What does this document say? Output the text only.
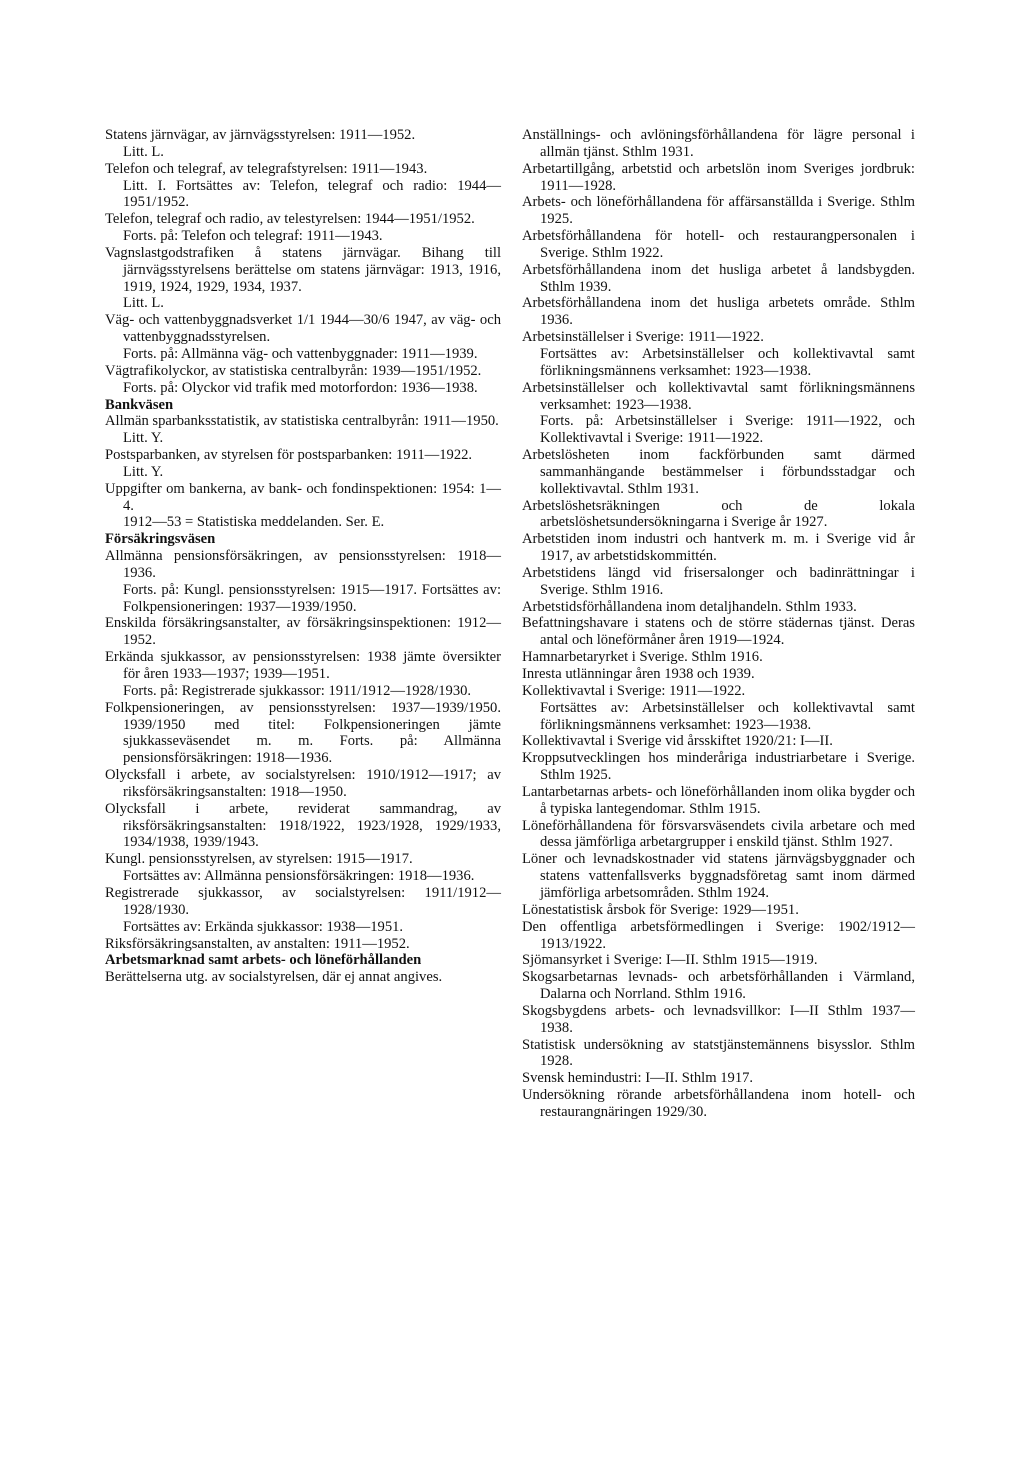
Statens järnvägar, av järnvägsstyrelsen: 1911—1952.

Litt. L.

Telefon och telegraf, av telegrafstyrelsen: 1911—1943.

Litt. I. Fortsättes av: Telefon, telegraf och radio: 1944—1951/1952.

Telefon, telegraf och radio, av telestyrelsen: 1944—1951/1952.

Forts. på: Telefon och telegraf: 1911—1943.

Vagnslastgodstrafiken å statens järnvägar. Bihang till järnvägsstyrelsens berättelse om statens järnvägar: 1913, 1916, 1919, 1924, 1929, 1934, 1937.

Litt. L.

Väg- och vattenbyggnadsverket 1/1 1944—30/6 1947, av väg- och vattenbyggnadsstyrelsen.

Forts. på: Allmänna väg- och vattenbyggnader: 1911—1939.

Vägtrafikolyckor, av statistiska centralbyrån: 1939—1951/1952.

Forts. på: Olyckor vid trafik med motorfordon: 1936—1938.

Bankväsen

Allmän sparbanksstatistik, av statistiska centralbyrån: 1911—1950.

Litt. Y.

Postsparbanken, av styrelsen för postsparbanken: 1911—1922.

Litt. Y.

Uppgifter om bankerna, av bank- och fondinspektionen: 1954: 1—4.

1912—53 = Statistiska meddelanden. Ser. E.

Försäkringsväsen

Allmänna pensionsförsäkringen, av pensionsstyrelsen: 1918—1936.

Forts. på: Kungl. pensionsstyrelsen: 1915—1917. Fortsättes av: Folkpensioneringen: 1937—1939/1950.

Enskilda försäkringsanstalter, av försäkringsinspektionen: 1912—1952.

Erkända sjukkassor, av pensionsstyrelsen: 1938 jämte översikter för åren 1933—1937; 1939—1951.

Forts. på: Registrerade sjukkassor: 1911/1912—1928/1930.

Folkpensioneringen, av pensionsstyrelsen: 1937—1939/1950. 1939/1950 med titel: Folkpensioneringen jämte sjukkasseväsendet m. m. Forts. på: Allmänna pensionsförsäkringen: 1918—1936.

Olycksfall i arbete, av socialstyrelsen: 1910/1912—1917; av riksförsäkringsanstalten: 1918—1950.

Olycksfall i arbete, reviderat sammandrag, av riksförsäkringsanstalten: 1918/1922, 1923/1928, 1929/1933, 1934/1938, 1939/1943.

Kungl. pensionsstyrelsen, av styrelsen: 1915—1917.

Fortsättes av: Allmänna pensionsförsäkringen: 1918—1936.

Registrerade sjukkassor, av socialstyrelsen: 1911/1912—1928/1930.

Fortsättes av: Erkända sjukkassor: 1938—1951.

Riksförsäkringsanstalten, av anstalten: 1911—1952.

Arbetsmarknad samt arbets- och löneförhållanden

Berättelserna utg. av socialstyrelsen, där ej annat angives.

Anställnings- och avlöningsförhållandena för lägre personal i allmän tjänst. Sthlm 1931.

Arbetartillgång, arbetstid och arbetslön inom Sveriges jordbruk: 1911—1928.

Arbets- och löneförhållandena för affärsanställda i Sverige. Sthlm 1925.

Arbetsförhållandena för hotell- och restaurangpersonalen i Sverige. Sthlm 1922.

Arbetsförhållandena inom det husliga arbetet å landsbygden. Sthlm 1939.

Arbetsförhållandena inom det husliga arbetets område. Sthlm 1936.

Arbetsinställelser i Sverige: 1911—1922.

Fortsättes av: Arbetsinställelser och kollektivavtal samt förlikningsmännens verksamhet: 1923—1938.

Arbetsinställelser och kollektivavtal samt förlikningsmännens verksamhet: 1923—1938.

Forts. på: Arbetsinställelser i Sverige: 1911—1922, och Kollektivavtal i Sverige: 1911—1922.

Arbetslösheten inom fackförbunden samt därmed sammanhängande bestämmelser i förbundsstadgar och kollektivavtal. Sthlm 1931.

Arbetslöshetsräkningen och de lokala arbetslöshetsundersökningarna i Sverige år 1927.

Arbetstiden inom industri och hantverk m. m. i Sverige vid år 1917, av arbetstidskommittén.

Arbetstidens längd vid frisersalonger och badinrättningar i Sverige. Sthlm 1916.

Arbetstidsförhållandena inom detaljhandeln. Sthlm 1933.

Befattningshavare i statens och de större städernas tjänst. Deras antal och löneförmåner åren 1919—1924.

Hamnarbetaryrket i Sverige. Sthlm 1916.

Inresta utlänningar åren 1938 och 1939.

Kollektivavtal i Sverige: 1911—1922.

Fortsättes av: Arbetsinställelser och kollektivavtal samt förlikningsmännens verksamhet: 1923—1938.

Kollektivavtal i Sverige vid årsskiftet 1920/21: I—II.

Kroppsutvecklingen hos minderåriga industriarbetare i Sverige. Sthlm 1925.

Lantarbetarnas arbets- och löneförhållanden inom olika bygder och å typiska lantegendomar. Sthlm 1915.

Löneförhållandena för försvarsväsendets civila arbetare och med dessa jämförliga arbetargrupper i enskild tjänst. Sthlm 1927.

Löner och levnadskostnader vid statens järnvägsbyggnader och statens vattenfallsverks byggnadsföretag samt inom därmed jämförliga arbetsområden. Sthlm 1924.

Lönestatistisk årsbok för Sverige: 1929—1951.

Den offentliga arbetsförmedlingen i Sverige: 1902/1912—1913/1922.

Sjömansyrket i Sverige: I—II. Sthlm 1915—1919.

Skogsarbetarnas levnads- och arbetsförhållanden i Värmland, Dalarna och Norrland. Sthlm 1916.

Skogsbygdens arbets- och levnadsvillkor: I—II Sthlm 1937—1938.

Statistisk undersökning av statstjänstemännens bisysslor. Sthlm 1928.

Svensk hemindustri: I—II. Sthlm 1917.

Undersökning rörande arbetsförhållandena inom hotell- och restaurangnäringen 1929/30.
